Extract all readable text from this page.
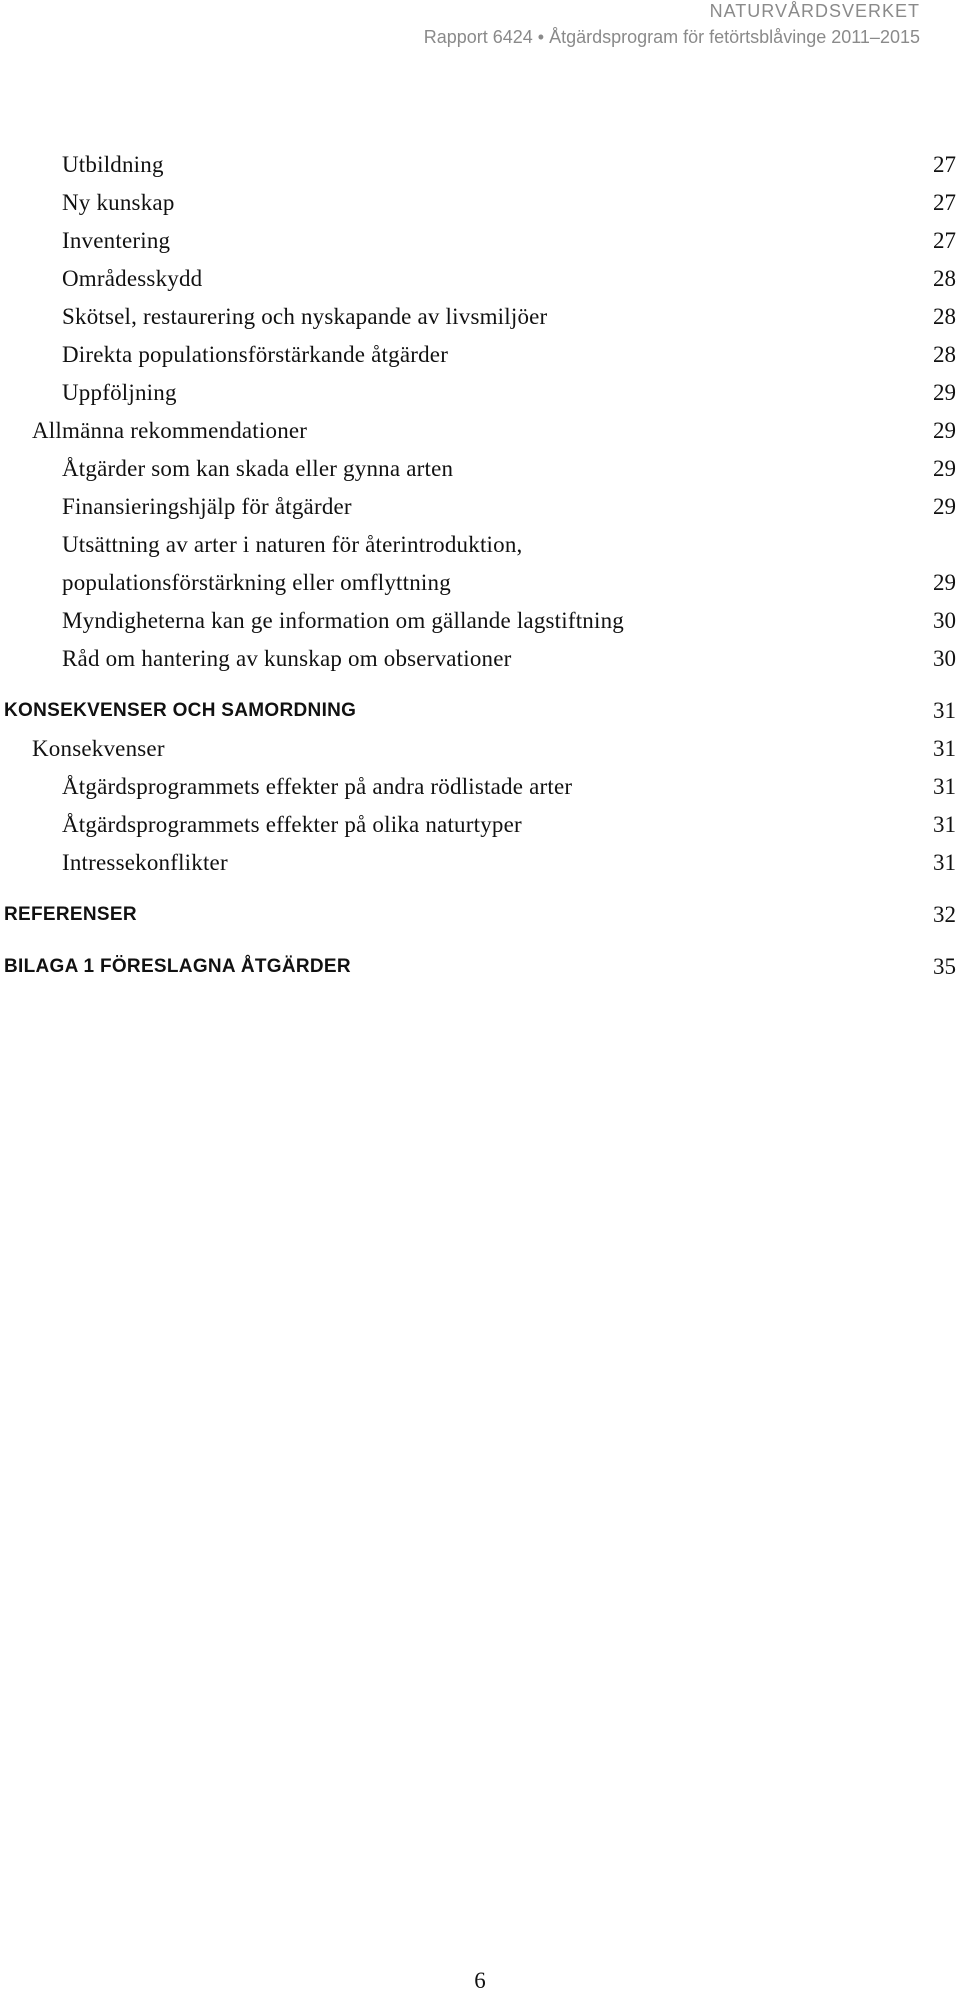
NATURVÅRDSVERKET
Rapport 6424 • Åtgärdsprogram för fetörtsblåvinge 2011–2015
Utbildning	27
Ny kunskap	27
Inventering	27
Områdesskydd	28
Skötsel, restaurering och nyskapande av livsmiljöer	28
Direkta populationsförstärkande åtgärder	28
Uppföljning	29
Allmänna rekommendationer	29
Åtgärder som kan skada eller gynna arten	29
Finansieringshjälp för åtgärder	29
Utsättning av arter i naturen för återintroduktion,
populationsförstärkning eller omflyttning	29
Myndigheterna kan ge information om gällande lagstiftning	30
Råd om hantering av kunskap om observationer	30
KONSEKVENSER OCH SAMORDNING	31
Konsekvenser	31
Åtgärdsprogrammets effekter på andra rödlistade arter	31
Åtgärdsprogrammets effekter på olika naturtyper	31
Intressekonflikter	31
REFERENSER	32
BILAGA 1 FÖRESLAGNA ÅTGÄRDER	35
6
